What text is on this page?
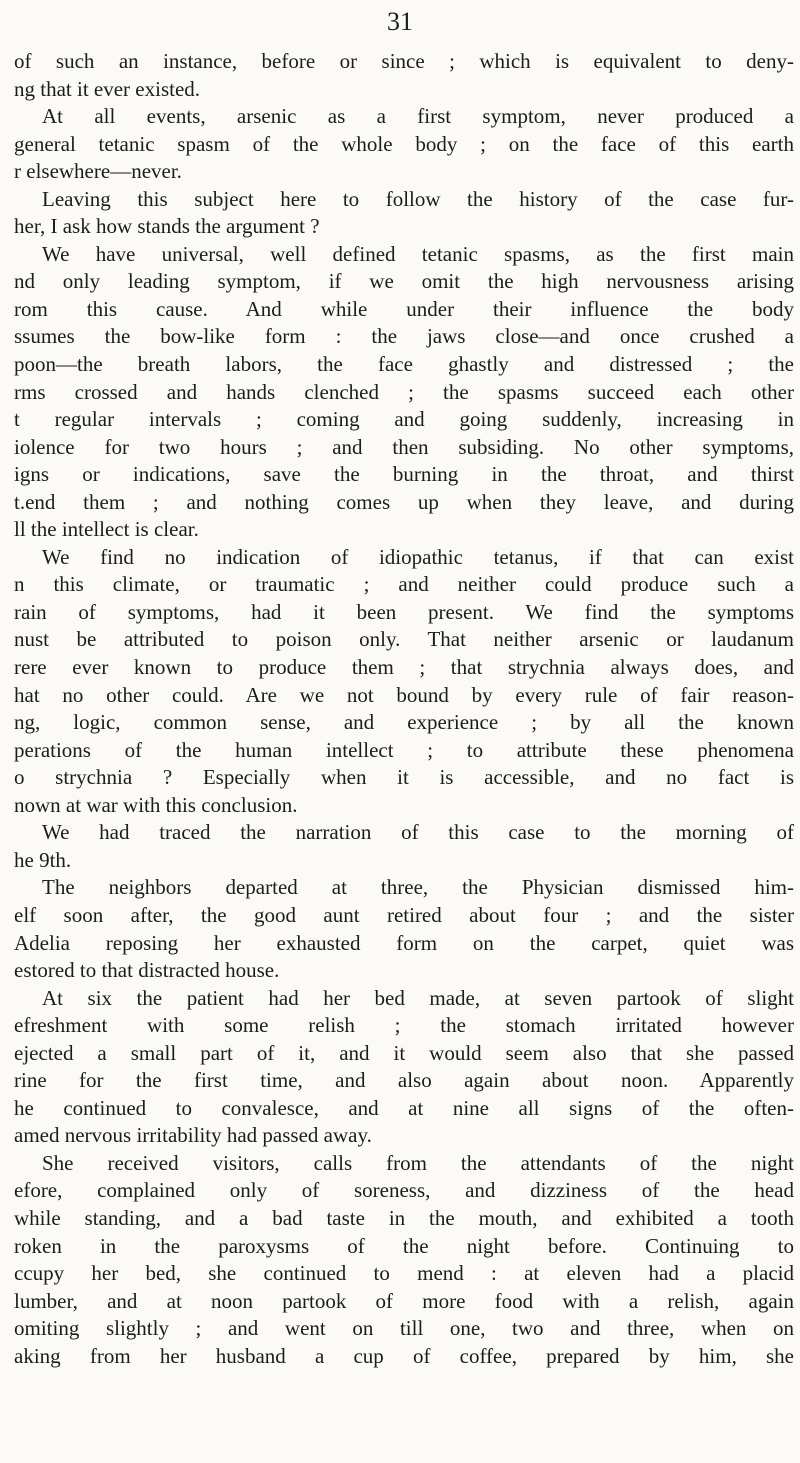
31
of such an instance, before or since ; which is equivalent to deny-
ng that it ever existed.
At all events, arsenic as a first symptom, never produced a
general tetanic spasm of the whole body ; on the face of this earth
r elsewhere—never.
Leaving this subject here to follow the history of the case fur-
her, I ask how stands the argument ?
We have universal, well defined tetanic spasms, as the first main
nd only leading symptom, if we omit the high nervousness arising
rom this cause. And while under their influence the body
ssumes the bow-like form : the jaws close—and once crushed a
poon—the breath labors, the face ghastly and distressed ; the
rms crossed and hands clenched ; the spasms succeed each other
t regular intervals ; coming and going suddenly, increasing in
iolence for two hours ; and then subsiding. No other symptoms,
igns or indications, save the burning in the throat, and thirst
t.end them ; and nothing comes up when they leave, and during
ll the intellect is clear.
We find no indication of idiopathic tetanus, if that can exist
n this climate, or traumatic ; and neither could produce such a
rain of symptoms, had it been present. We find the symptoms
nust be attributed to poison only. That neither arsenic or laudanum
rere ever known to produce them ; that strychnia always does, and
hat no other could. Are we not bound by every rule of fair reason-
ng, logic, common sense, and experience ; by all the known
perations of the human intellect ; to attribute these phenomena
o strychnia ? Especially when it is accessible, and no fact is
nown at war with this conclusion.
We had traced the narration of this case to the morning of
he 9th.
The neighbors departed at three, the Physician dismissed him-
elf soon after, the good aunt retired about four ; and the sister
Adelia reposing her exhausted form on the carpet, quiet was
estored to that distracted house.
At six the patient had her bed made, at seven partook of slight
efreshment with some relish ; the stomach irritated however
ejected a small part of it, and it would seem also that she passed
rine for the first time, and also again about noon. Apparently
he continued to convalesce, and at nine all signs of the often-
amed nervous irritability had passed away.
She received visitors, calls from the attendants of the night
efore, complained only of soreness, and dizziness of the head
while standing, and a bad taste in the mouth, and exhibited a tooth
roken in the paroxysms of the night before. Continuing to
ccupy her bed, she continued to mend : at eleven had a placid
lumber, and at noon partook of more food with a relish, again
omiting slightly ; and went on till one, two and three, when on
aking from her husband a cup of coffee, prepared by him, she
